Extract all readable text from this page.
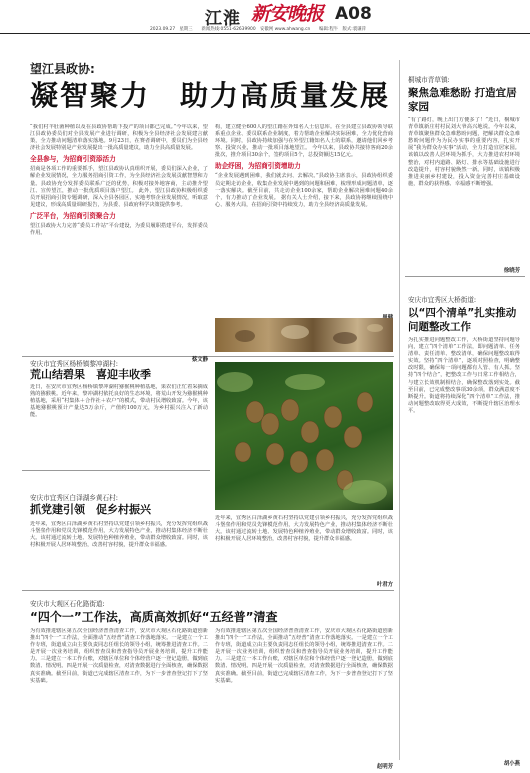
江淮 新安晚报 A08
2023.09.27　星期三　　新闻热线:0551-62639900　安徽网 www.ahwang.cn　　编辑:程牛　版式:裘谦萍
望江县政协:
凝智聚力　助力高质量发展
“我们村羊肚菌种植以及在县政协帮助下投产的项目都已完成。”今年以来，望江县政协委员们对全县发展产业进行调研，积极为全县经济社会发展建言献策，全力推动问题清单落实落地。9月23日，在赛者调研中，委员们为全县经济社会发展特别是产业发展提出一批高质量建议，助力全县高质量发展。
全县参与，为招商引资添活力
招商是各项工作的重要抓手，望江县政协认真组织开展，委员们深入企业，了解企业发展情况，全力服务招商引资工作，为全县经济社会发展贡献智慧和力量。县政协充分发挥委员联系广泛的优势，积极对接外地客商，主动推介望江、宣传望江，推动一批优质项目落户望江。 此外，望江县政协积极组织委员开展招商引资专题调研，深入全县各园区，实地考察企业发展情况，听取意见建议，形成高质量调研报告，为县委、县政府科学决策提供参考。
广泛平台，为招商引资聚合力
望江县政协大力完善“委员工作站”平台建设，为委员履职搭建平台，发挥委员作用。
构，建立健全600人的望江籍在外知名人士信息库。在全县建立县政协领导联系重点企业、委员联系企业制度，着力帮助企业解决实际困难，全力优化营商环境。同时，县政协持续加强与在外望江籍知名人士的联系，邀请他们回乡考察、投资兴业，推动一批项目落地望江。 今年以来，县政协共接待客商20余批次，推介项目30余个，签约项目5个，总投资额达15亿元。
助企纾困，为招商引资增助力
“企业发展遇到困难，我们就去问、去解决。”县政协主席表示，县政协组织委员定期走访企业，收集企业发展中遇到的问题和困难，梳理形成问题清单，逐一落实解决。截至目前，共走访企业100余家，帮助企业解决困难问题40余个，有力推动了企业发展。 据有关人士介绍，接下来，县政协将继续围绕中心、服务大局，在招商引资中持续发力，助力全县经济高质量发展。
桐城市青草镇:
聚焦急难愁盼 打造宜居家园
“有了路灯，晚上出门方便多了！”近日，桐城市青草镇新庄村村民刘大爷高兴地说。今年以来，青草镇聚焦群众急难愁盼问题，把解决群众急难愁盼问题作为为民办实事的重要内容，扎实开展“我为群众办实事”活动，全力打造宜居家园。该镇以改善人居环境为抓手，大力推进农村环境整治，对村内道路、路灯、排水等基础设施进行改造提升，村容村貌焕然一新。同时，该镇积极推进美丽乡村建设，投入资金完善村庄基础设施，群众的获得感、幸福感不断增强。
徐晓芳
安庆市宜秀区大桥街道:
以“四个清单”扎实推动问题整改工作
为扎实推进问题整改工作，大桥街道坚持问题导向，建立“四个清单”工作法，即问题清单、任务清单、责任清单、整改清单，确保问题整改取得实效。坚持“四个清单”，逐项对照检查，明确整改时限，确保每一项问题都有人管、有人抓。坚持“四个结合”，把整改工作与日常工作相结合，与建立长效机制相结合，确保整改落到实处。截至目前，已完成整改事项30余项，群众满意度不断提升。街道将持续深化“四个清单”工作法，推动问题整改取得更大成效，不断提升辖区治理水平。
胡小燕
安庆市宜秀区杨桥镇黎冲湖村:
荒山结碧果　喜迎丰收季
近日，在安庆市宜秀区杨桥镇黎冲湖村猕猴桃种植基地，果农们正忙着采摘成熟的猕猴桃。近年来，黎冲湖村依托良好的生态环境，将荒山开发为猕猴桃种植基地，采用“村集体＋合作社＋农户”的模式，带动村民增收致富。今年，该基地猕猴桃预计产量达5万余斤，产值约100万元，为乡村振兴注入了新动能。
蔡文静
安庆市宜秀区白泽湖乡黄石村:
抓党建引领　促乡村振兴
近年来，宜秀区白泽湖乡黄石村坚持以党建引领乡村振兴，充分发挥党组织战斗堡垒作用和党员先锋模范作用，大力发展特色产业，推动村集体经济不断壮大。该村通过流转土地、发展特色种植养殖业，带动群众增收致富。同时，该村积极开展人居环境整治，改善村容村貌，提升群众幸福感。
近年来，宜秀区白泽湖乡黄石村坚持以党建引领乡村振兴，充分发挥党组织战斗堡垒作用和党员先锋模范作用，大力发展特色产业，推动村集体经济不断壮大。该村通过流转土地、发展特色种植养殖业，带动群众增收致富。同时，该村积极开展人居环境整治，改善村容村貌，提升群众幸福感。
叶君方
安庆市大观区石化路街道:
“四个一”工作法，高质高效抓好“五经普”清查
为有效推进辖区第五次全国经济普查清查工作，安庆市大观区石化路街道创新推出“四个一”工作法，全面推动“五经普”清查工作落地落实。一是建立一个工作专班，街道成立由主要负责同志任组长的领导小组，统筹推进清查工作。二是开展一次业务培训，组织普查员和普查指导员开展业务培训，提升工作能力。三是建立一本工作台账，对辖区单位和个体经营户逐一登记造册，做到底数清、情况明。四是开展一次质量检查，对清查数据进行全面核查，确保数据真实准确。截至目前，街道已完成辖区清查工作，为下一步普查登记打下了坚实基础。
为有效推进辖区第五次全国经济普查清查工作，安庆市大观区石化路街道创新推出“四个一”工作法，全面推动“五经普”清查工作落地落实。一是建立一个工作专班，街道成立由主要负责同志任组长的领导小组，统筹推进清查工作。二是开展一次业务培训，组织普查员和普查指导员开展业务培训，提升工作能力。三是建立一本工作台账，对辖区单位和个体经营户逐一登记造册，做到底数清、情况明。四是开展一次质量检查，对清查数据进行全面核查，确保数据真实准确。截至目前，街道已完成辖区清查工作，为下一步普查登记打下了坚实基础。
赵明芳
